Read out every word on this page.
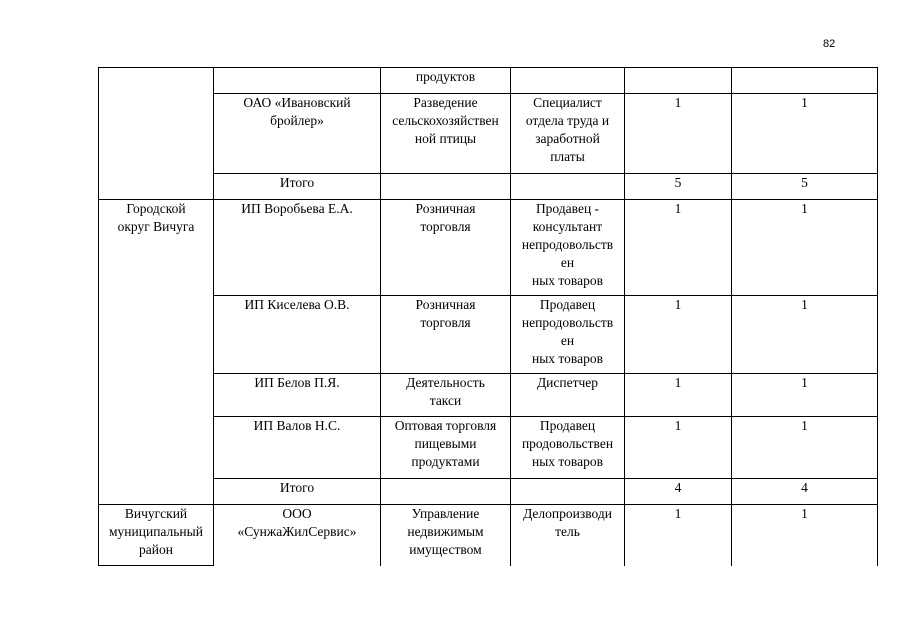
82
		продуктов			
	ОАО «Ивановский
бройлер»	Разведение
сельскохозяйствен
ной птицы	Специалист
отдела труда и
заработной
платы	1	1
	Итого			5	5
Городской
округ Вичуга	ИП Воробьева Е.А.	Розничная
торговля	Продавец -
консультант
непродовольств
ен
ных товаров	1	1
	ИП Киселева О.В.	Розничная
торговля	Продавец
непродовольств
ен
ных товаров	1	1
	ИП Белов П.Я.	Деятельность
такси	Диспетчер	1	1
	ИП Валов Н.С.	Оптовая торговля
пищевыми
продуктами	Продавец
продовольствен
ных товаров	1	1
	Итого			4	4
Вичугский
муниципальный
район	ООО
«СунжаЖилСервис»	Управление
недвижимым
имуществом	Делопроизводи
тель	1	1
